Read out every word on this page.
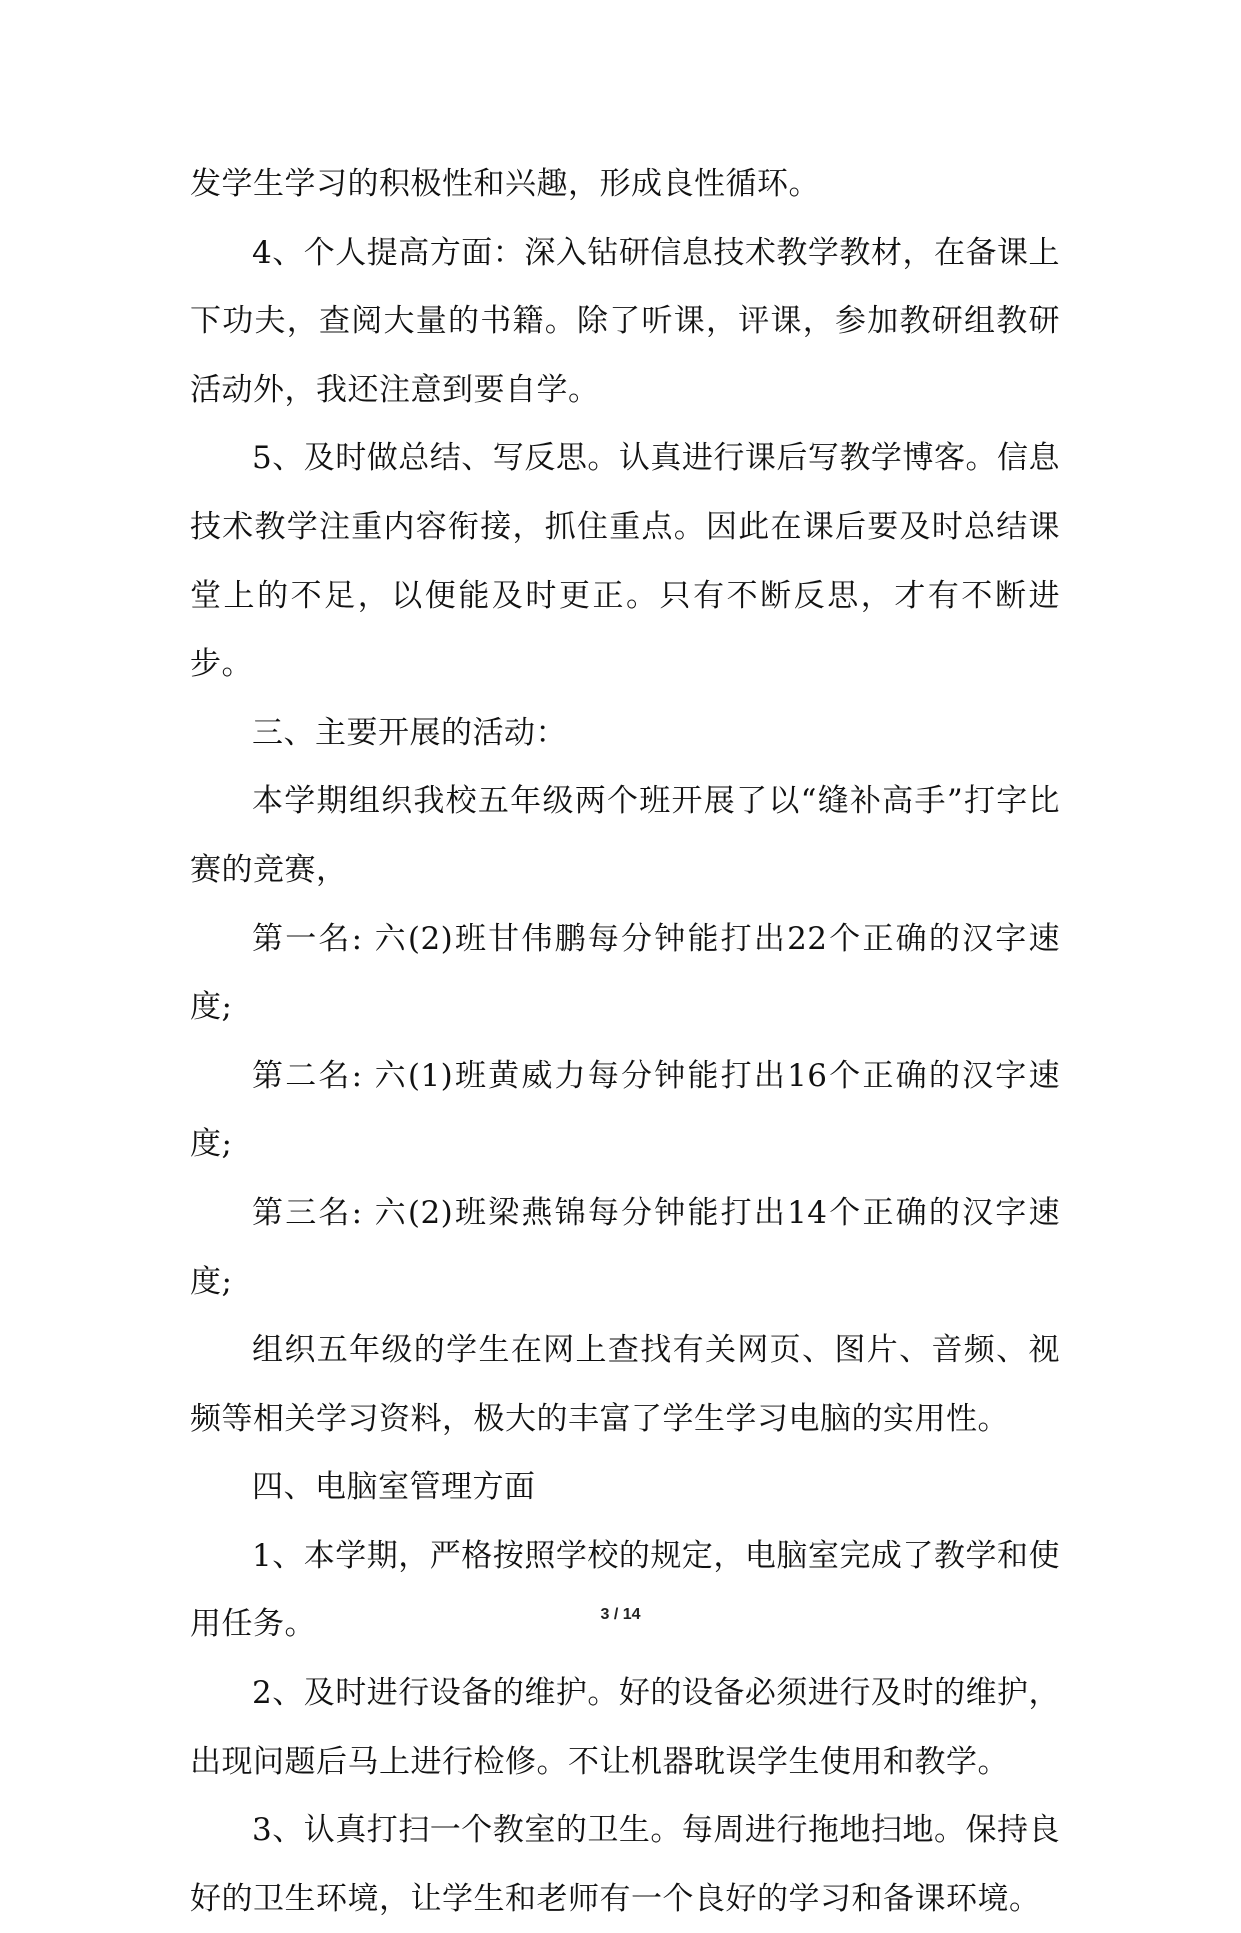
发学生学习的积极性和兴趣，形成良性循环。

4、个人提高方面：深入钻研信息技术教学教材，在备课上下功夫，查阅大量的书籍。除了听课，评课，参加教研组教研活动外，我还注意到要自学。

5、及时做总结、写反思。认真进行课后写教学博客。信息技术教学注重内容衔接，抓住重点。因此在课后要及时总结课堂上的不足，以便能及时更正。只有不断反思，才有不断进步。

三、主要开展的活动：

本学期组织我校五年级两个班开展了以“缝补高手”打字比赛的竞赛，

第一名: 六(2)班甘伟鹏每分钟能打出22个正确的汉字速度;

第二名: 六(1)班黄威力每分钟能打出16个正确的汉字速度;

第三名: 六(2)班梁燕锦每分钟能打出14个正确的汉字速度;

组织五年级的学生在网上查找有关网页、图片、音频、视频等相关学习资料，极大的丰富了学生学习电脑的实用性。

四、电脑室管理方面

1、本学期，严格按照学校的规定，电脑室完成了教学和使用任务。

2、及时进行设备的维护。好的设备必须进行及时的维护，出现问题后马上进行检修。不让机器耽误学生使用和教学。

3、认真打扫一个教室的卫生。每周进行拖地扫地。保持良好的卫生环境，让学生和老师有一个良好的学习和备课环境。

3 / 14
